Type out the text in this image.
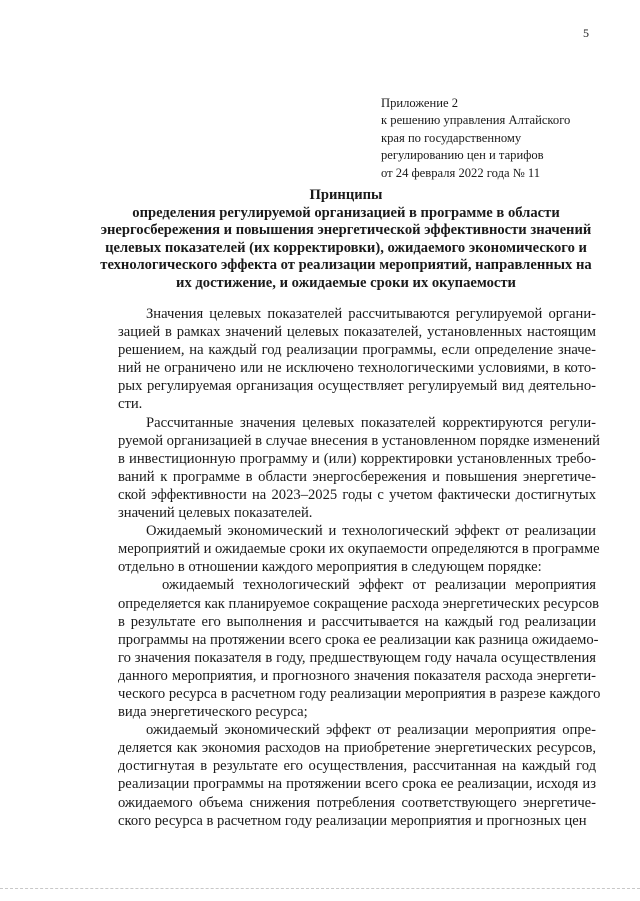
5
Приложение 2
к решению управления Алтайского
края по государственному
регулированию цен и тарифов
от 24 февраля 2022 года № 11
Принципы
определения регулируемой организацией в программе в области
энергосбережения и повышения энергетической эффективности значений
целевых показателей (их корректировки), ожидаемого экономического и
технологического эффекта от реализации мероприятий, направленных на
их достижение, и ожидаемые сроки их окупаемости
Значения целевых показателей рассчитываются регулируемой органи-
зацией в рамках значений целевых показателей, установленных настоящим
решением, на каждый год реализации программы, если определение значе-
ний не ограничено или не исключено технологическими условиями, в кото-
рых регулируемая организация осуществляет регулируемый вид деятельно-
сти.
Рассчитанные значения целевых показателей корректируются регули-
руемой организацией в случае внесения в установленном порядке изменений
в инвестиционную программу и (или) корректировки установленных требо-
ваний к программе в области энергосбережения и повышения энергетиче-
ской эффективности на 2023–2025 годы с учетом фактически достигнутых
значений целевых показателей.
Ожидаемый экономический и технологический эффект от реализации
мероприятий и ожидаемые сроки их окупаемости определяются в программе
отдельно в отношении каждого мероприятия в следующем порядке:
ожидаемый технологический эффект от реализации мероприятия
определяется как планируемое сокращение расхода энергетических ресурсов
в результате его выполнения и рассчитывается на каждый год реализации
программы на протяжении всего срока ее реализации как разница ожидаемо-
го значения показателя в году, предшествующем году начала осуществления
данного мероприятия, и прогнозного значения показателя расхода энергети-
ческого ресурса в расчетном году реализации мероприятия в разрезе каждого
вида энергетического ресурса;
ожидаемый экономический эффект от реализации мероприятия опре-
деляется как экономия расходов на приобретение энергетических ресурсов,
достигнутая в результате его осуществления, рассчитанная на каждый год
реализации программы на протяжении всего срока ее реализации, исходя из
ожидаемого объема снижения потребления соответствующего энергетиче-
ского ресурса в расчетном году реализации мероприятия и прогнозных цен
